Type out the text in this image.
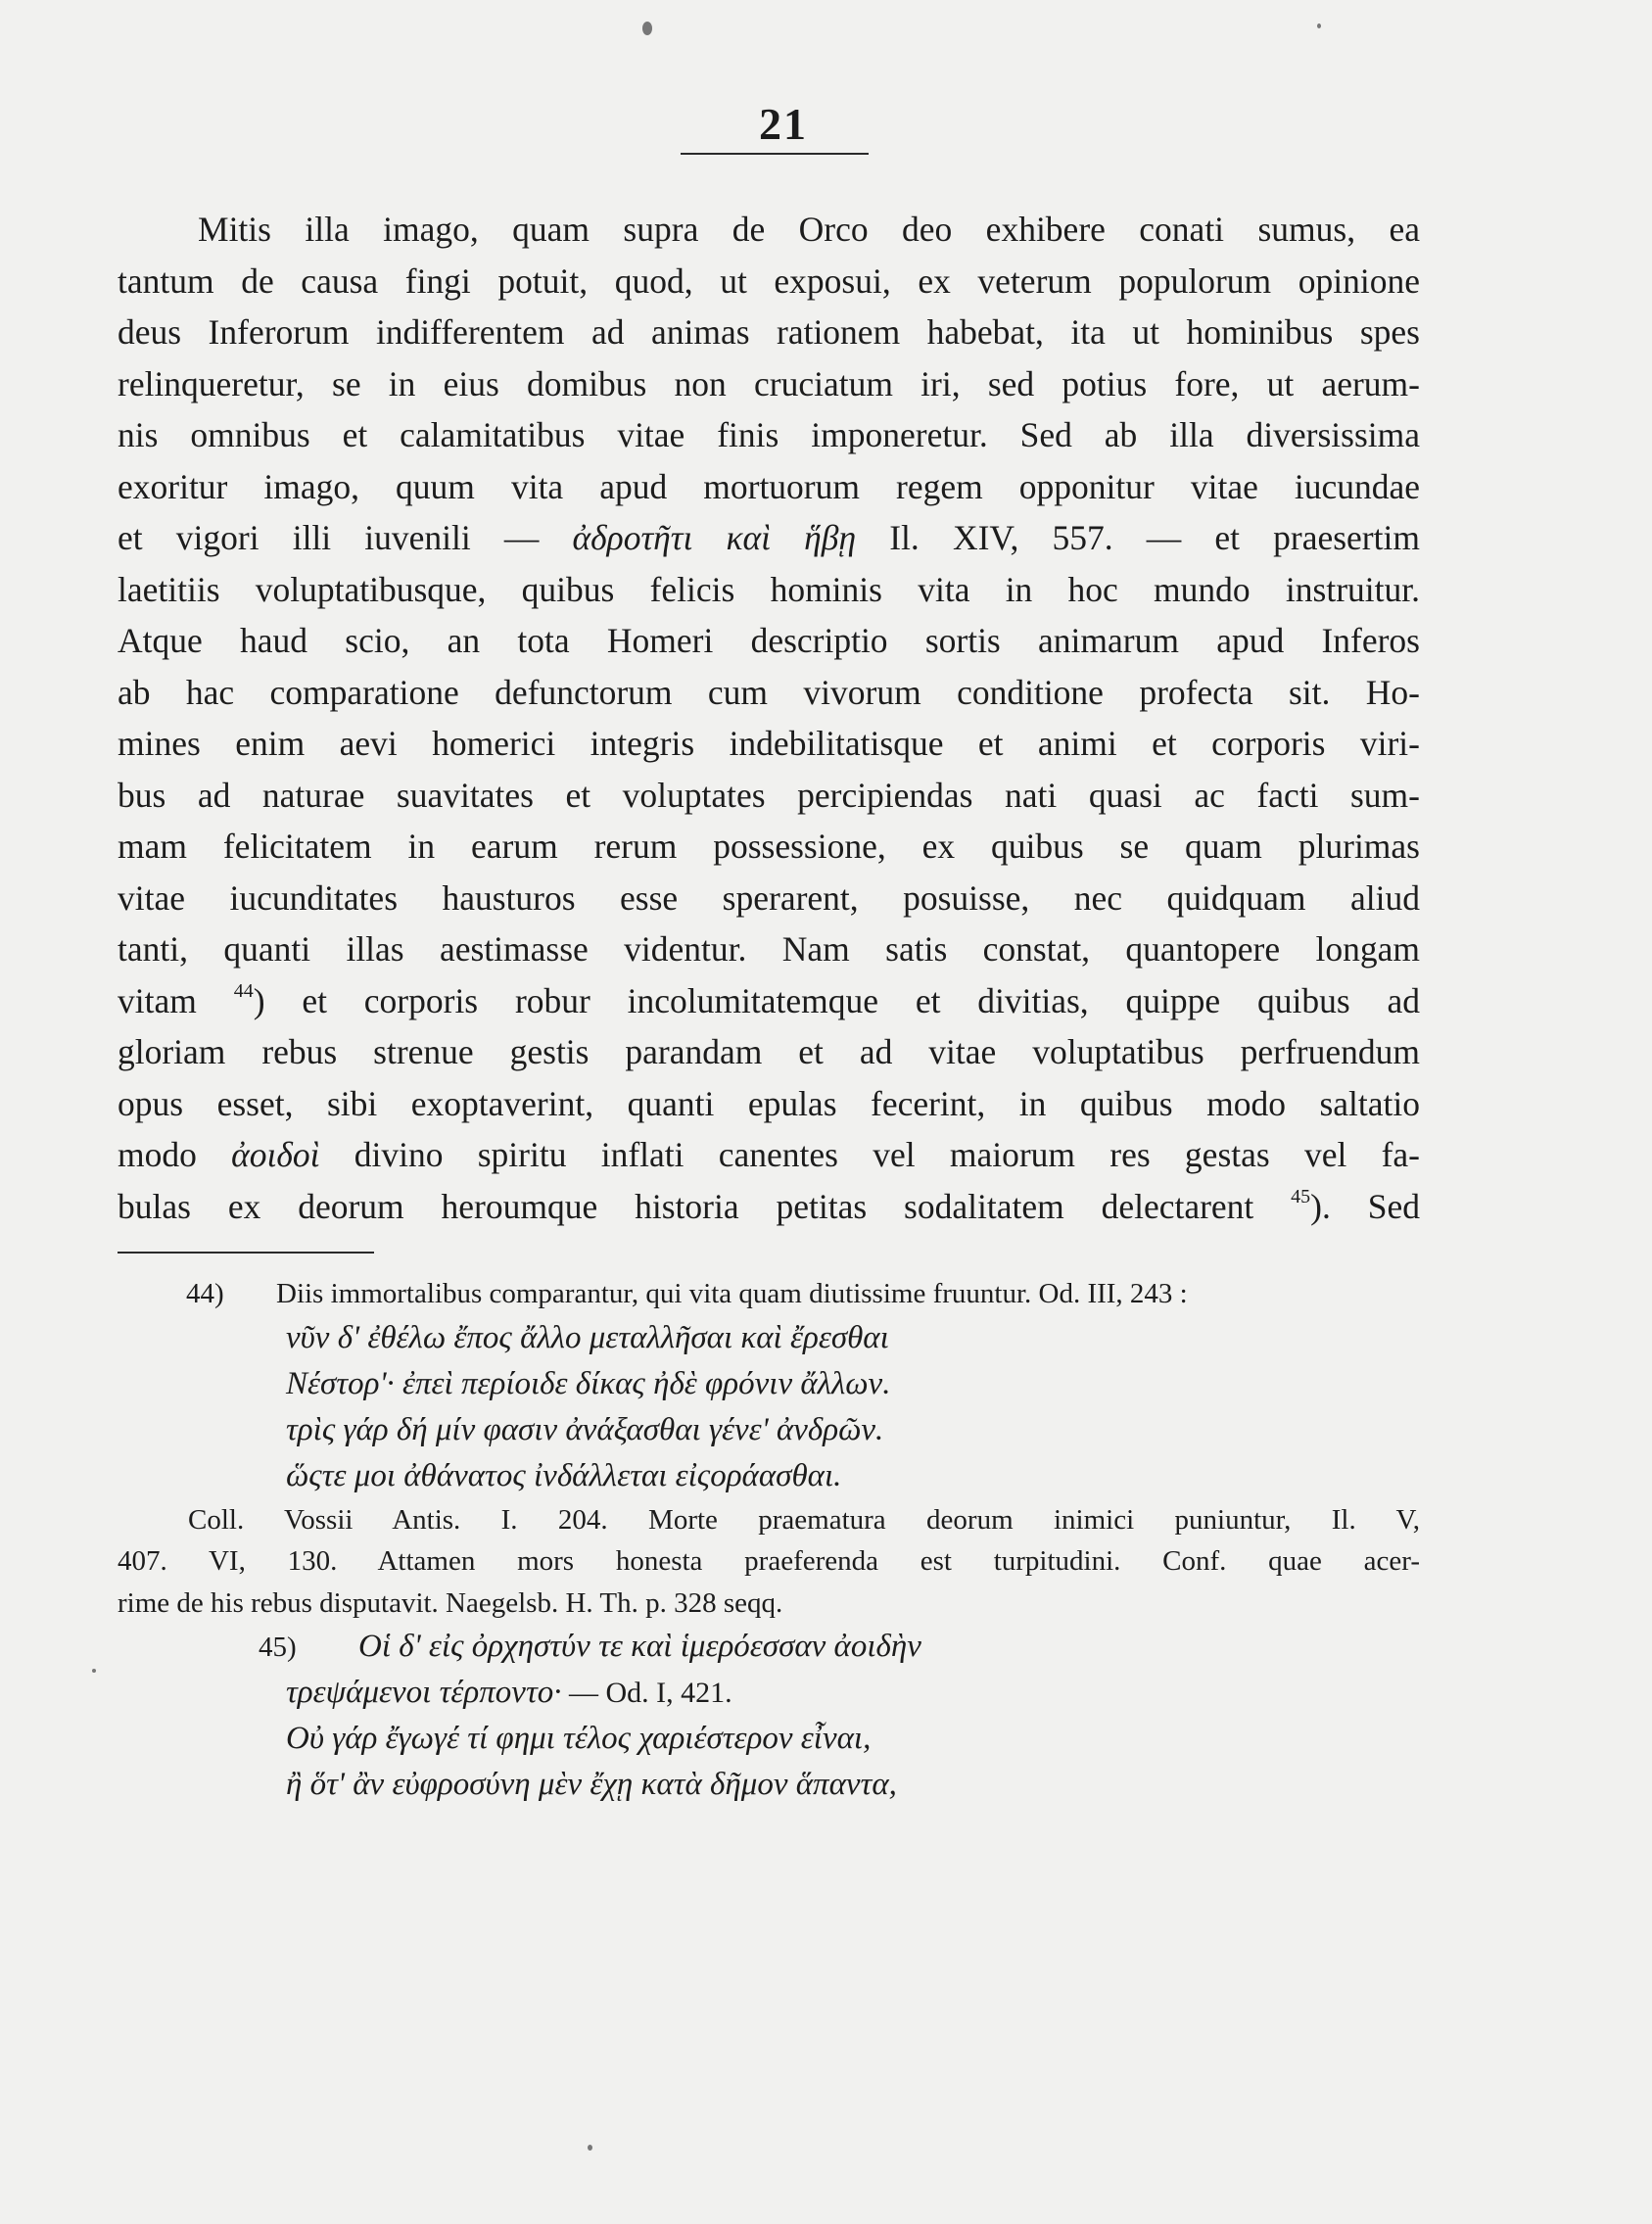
21
Mitis illa imago, quam supra de Orco deo exhibere conati sumus, ea
tantum de causa fingi potuit, quod, ut exposui, ex veterum populorum opinione
deus Inferorum indifferentem ad animas rationem habebat, ita ut hominibus spes
relinqueretur, se in eius domibus non cruciatum iri, sed potius fore, ut aerum-
nis omnibus et calamitatibus vitae finis imponeretur. Sed ab illa diversissima
exoritur imago, quum vita apud mortuorum regem opponitur vitae iucundae
et vigori illi iuvenili — ἀδροτῆτι καὶ ἥβῃ Il. XIV, 557. — et praesertim
laetitiis voluptatibusque, quibus felicis hominis vita in hoc mundo instruitur.
Atque haud scio, an tota Homeri descriptio sortis animarum apud Inferos
ab hac comparatione defunctorum cum vivorum conditione profecta sit. Ho-
mines enim aevi homerici integris indebilitatisque et animi et corporis viri-
bus ad naturae suavitates et voluptates percipiendas nati quasi ac facti sum-
mam felicitatem in earum rerum possessione, ex quibus se quam plurimas
vitae iucunditates hausturos esse sperarent, posuisse, nec quidquam aliud
tanti, quanti illas aestimasse videntur. Nam satis constat, quantopere longam
vitam $^{44}$) et corporis robur incolumitatemque et divitias, quippe quibus ad
gloriam rebus strenue gestis parandam et ad vitae voluptatibus perfruendum
opus esset, sibi exoptaverint, quanti epulas fecerint, in quibus modo saltatio
modo ἀοιδοὶ divino spiritu inflati canentes vel maiorum res gestas vel fa-
bulas ex deorum heroumque historia petitas sodalitatem delectarent $^{45}$). Sed
44) Diis immortalibus comparantur, qui vita quam diutissime fruuntur. Od. III, 243 :
νῦν δ' ἐθέλω ἔπος ἄλλο μεταλλῆσαι καὶ ἔρεσθαι
Νέστορ'· ἐπεὶ περίοιδε δίκας ἠδὲ φρόνιν ἄλλων.
τρὶς γάρ δή μίν φασιν ἀνάξασθαι γένε' ἀνδρῶν.
ὥςτε μοι ἀθάνατος ἰνδάλλεται εἰςοράασθαι.
Coll. Vossii Antis. I. 204. Morte praematura deorum inimici puniuntur, Il. V,
407. VI, 130. Attamen mors honesta praeferenda est turpitudini. Conf. quae acer-
rime de his rebus disputavit. Naegelsb. H. Th. p. 328 seqq.
45) Οἱ δ' εἰς ὀρχηστύν τε καὶ ἱμερόεσσαν ἀοιδὴν
τρεψάμενοι τέρποντο· — Od. I, 421.
Οὐ γάρ ἔγωγέ τί φημι τέλος χαριέστερον εἶναι,
ἢ ὅτ' ἂν εὐφροσύνη μὲν ἔχῃ κατὰ δῆμον ἅπαντα,
